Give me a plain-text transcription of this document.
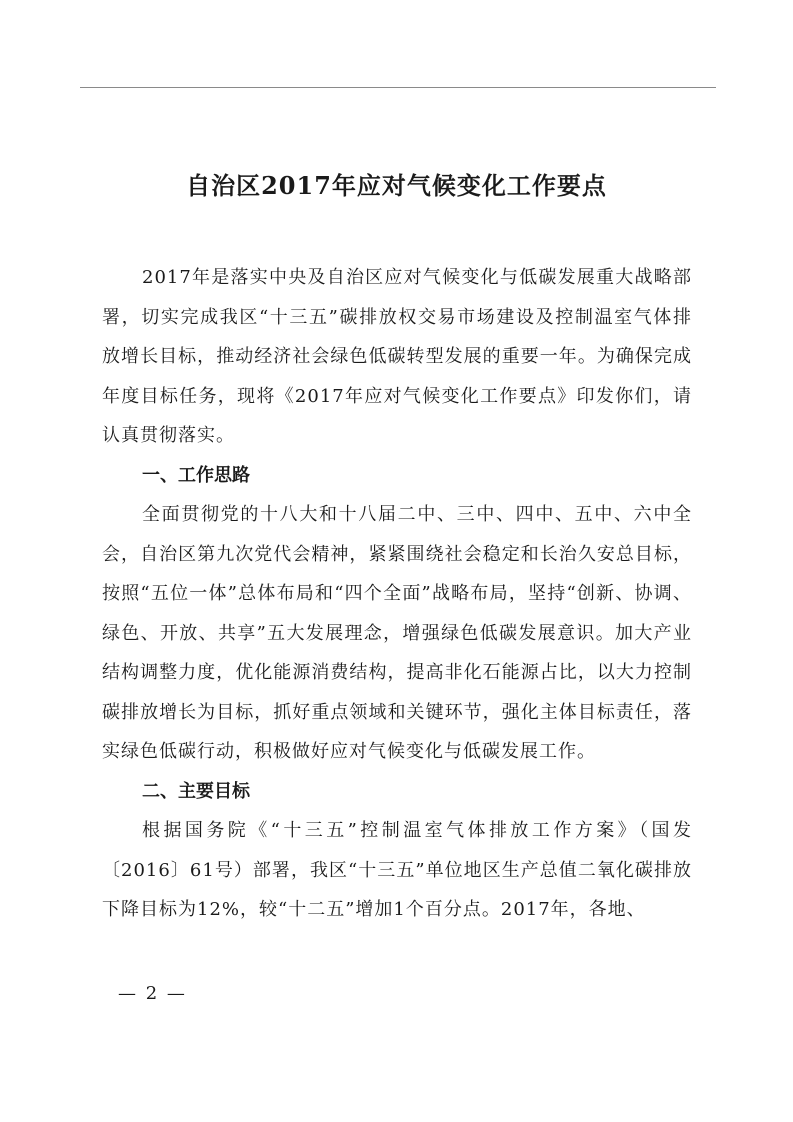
自治区2017年应对气候变化工作要点

2017年是落实中央及自治区应对气候变化与低碳发展重大战略部署，切实完成我区“十三五”碳排放权交易市场建设及控制温室气体排放增长目标，推动经济社会绿色低碳转型发展的重要一年。为确保完成年度目标任务，现将《2017年应对气候变化工作要点》印发你们，请认真贯彻落实。

一、工作思路

全面贯彻党的十八大和十八届二中、三中、四中、五中、六中全会，自治区第九次党代会精神，紧紧围绕社会稳定和长治久安总目标，按照“五位一体”总体布局和“四个全面”战略布局，坚持“创新、协调、绿色、开放、共享”五大发展理念，增强绿色低碳发展意识。加大产业结构调整力度，优化能源消费结构，提高非化石能源占比，以大力控制碳排放增长为目标，抓好重点领域和关键环节，强化主体目标责任，落实绿色低碳行动，积极做好应对气候变化与低碳发展工作。

二、主要目标

根据国务院《“十三五”控制温室气体排放工作方案》（国发〔2016〕61号）部署，我区“十三五”单位地区生产总值二氧化碳排放下降目标为12%，较“十二五”增加1个百分点。2017年，各地、

— 2 —
